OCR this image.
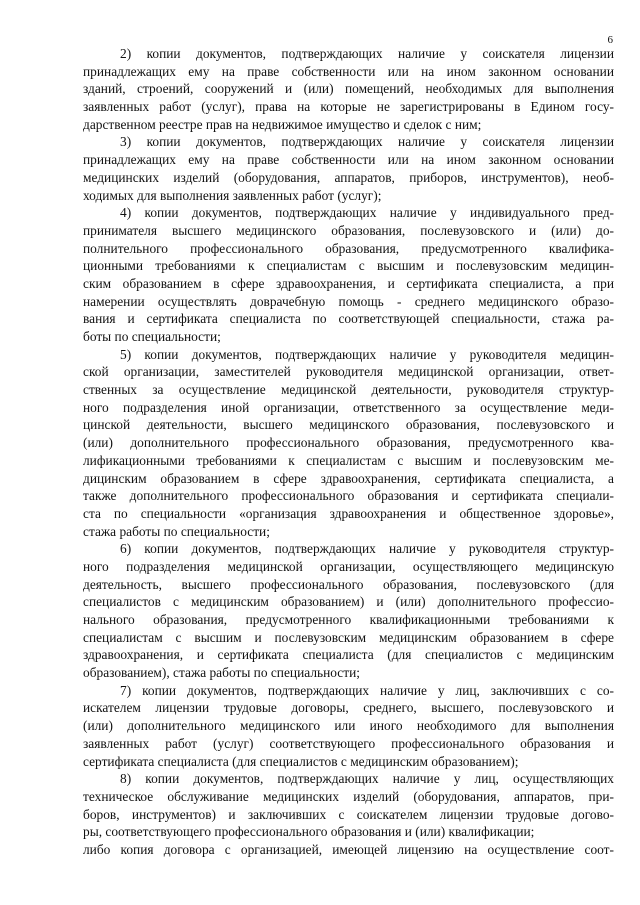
6
2) копии документов, подтверждающих наличие у соискателя лицензии
принадлежащих ему на праве собственности или на ином законном основании
зданий, строений, сооружений и (или) помещений, необходимых для выполнения
заявленных работ (услуг), права на которые не зарегистрированы в Едином госу-
дарственном реестре прав на недвижимое имущество и сделок с ним;
3) копии документов, подтверждающих наличие у соискателя лицензии
принадлежащих ему на праве собственности или на ином законном основании
медицинских изделий (оборудования, аппаратов, приборов, инструментов), необ-
ходимых для выполнения заявленных работ (услуг);
4) копии документов, подтверждающих наличие у индивидуального пред-
принимателя высшего медицинского образования, послевузовского и (или) до-
полнительного профессионального образования, предусмотренного квалифика-
ционными требованиями к специалистам с высшим и послевузовским медицин-
ским образованием в сфере здравоохранения, и сертификата специалиста, а при
намерении осуществлять доврачебную помощь - среднего медицинского образо-
вания и сертификата специалиста по соответствующей специальности, стажа ра-
боты по специальности;
5) копии документов, подтверждающих наличие у руководителя медицин-
ской организации, заместителей руководителя медицинской организации, ответ-
ственных за осуществление медицинской деятельности, руководителя структур-
ного подразделения иной организации, ответственного за осуществление меди-
цинской деятельности, высшего медицинского образования, послевузовского и
(или) дополнительного профессионального образования, предусмотренного ква-
лификационными требованиями к специалистам с высшим и послевузовским ме-
дицинским образованием в сфере здравоохранения, сертификата специалиста, а
также дополнительного профессионального образования и сертификата специали-
ста по специальности «организация здравоохранения и общественное здоровье»,
стажа работы по специальности;
6) копии документов, подтверждающих наличие у руководителя структур-
ного подразделения медицинской организации, осуществляющего медицинскую
деятельность, высшего профессионального образования, послевузовского (для
специалистов с медицинским образованием) и (или) дополнительного профессио-
нального образования, предусмотренного квалификационными требованиями к
специалистам с высшим и послевузовским медицинским образованием в сфере
здравоохранения, и сертификата специалиста (для специалистов с медицинским
образованием), стажа работы по специальности;
7) копии документов, подтверждающих наличие у лиц, заключивших с со-
искателем лицензии трудовые договоры, среднего, высшего, послевузовского и
(или) дополнительного медицинского или иного необходимого для выполнения
заявленных работ (услуг) соответствующего профессионального образования и
сертификата специалиста (для специалистов с медицинским образованием);
8) копии документов, подтверждающих наличие у лиц, осуществляющих
техническое обслуживание медицинских изделий (оборудования, аппаратов, при-
боров, инструментов) и заключивших с соискателем лицензии трудовые догово-
ры, соответствующего профессионального образования и (или) квалификации;
либо копия договора с организацией, имеющей лицензию на осуществление соот-
